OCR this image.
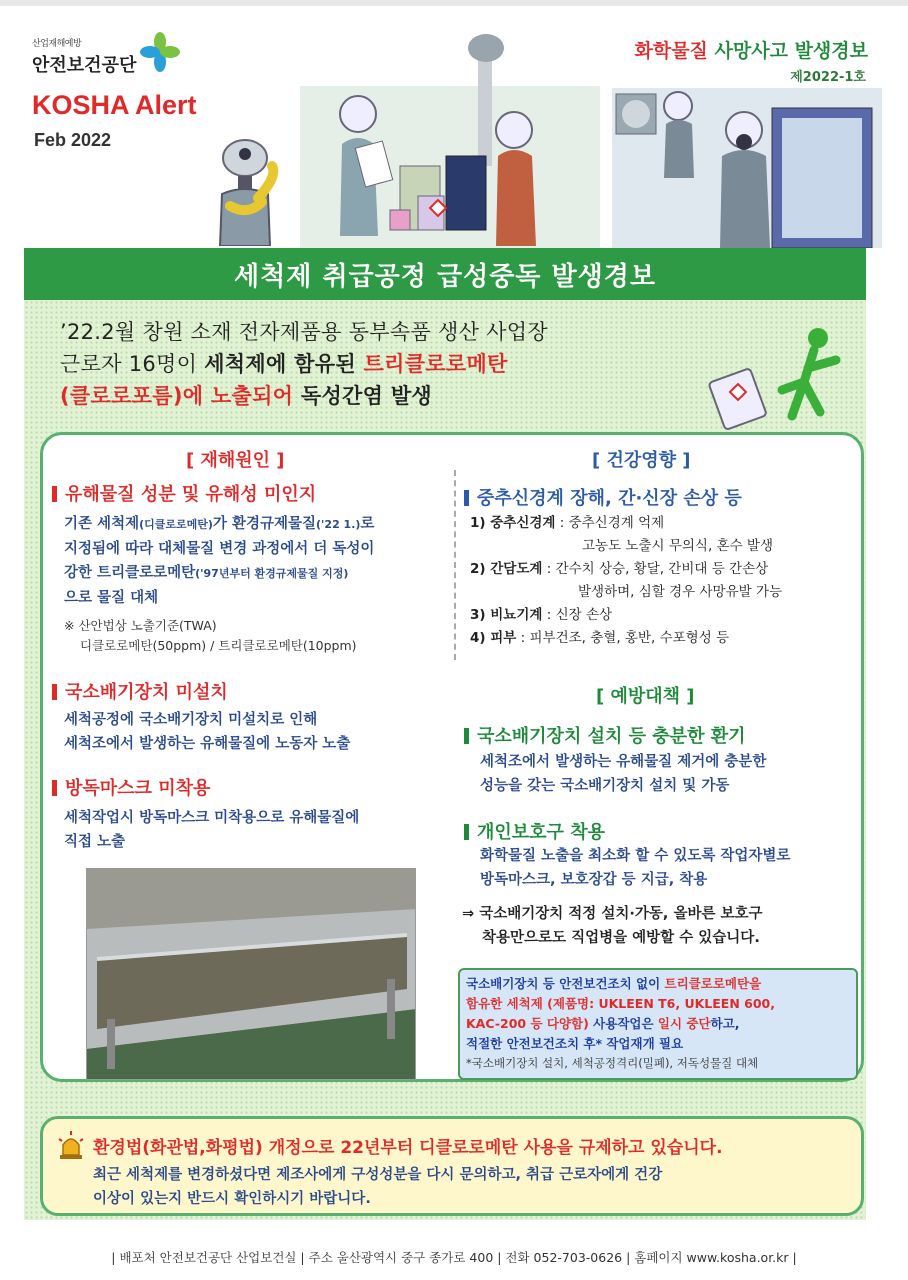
산업재해예방
안전보건공단
KOSHA Alert
Feb 2022
화학물질 사망사고 발생경보
제2022-1호
세척제 취급공정 급성중독 발생경보
’22.2월 창원 소재 전자제품용 동부속품 생산 사업장
근로자 16명이 세척제에 함유된 트리클로로메탄
(클로로포름)에 노출되어 독성간염 발생
[ 재해원인 ]
유해물질 성분 및 유해성 미인지
기존 세척제(디클로로메탄)가 환경규제물질('22 1.)로
지정됨에 따라 대체물질 변경 과정에서 더 독성이
강한 트리클로로메탄('97년부터 환경규제물질 지정)
으로 물질 대체
※ 산안법상 노출기준(TWA)
디클로로메탄(50ppm) / 트리클로로메탄(10ppm)
국소배기장치 미설치
세척공정에 국소배기장치 미설치로 인해
세척조에서 발생하는 유해물질에 노동자 노출
방독마스크 미착용
세척작업시 방독마스크 미착용으로 유해물질에
직접 노출
[ 건강영향 ]
중추신경계 장해, 간·신장 손상 등
1) 중추신경계 : 중추신경계 억제
고농도 노출시 무의식, 혼수 발생
2) 간담도계 : 간수치 상승, 황달, 간비대 등 간손상
발생하며, 심할 경우 사망유발 가능
3) 비뇨기계 : 신장 손상
4) 피부 : 피부건조, 충혈, 홍반, 수포형성 등
[ 예방대책 ]
국소배기장치 설치 등 충분한 환기
세척조에서 발생하는 유해물질 제거에 충분한
성능을 갖는 국소배기장치 설치 및 가동
개인보호구 착용
화학물질 노출을 최소화 할 수 있도록 작업자별로
방독마스크, 보호장갑 등 지급, 착용
⇒ 국소배기장치 적정 설치·가동, 올바른 보호구
착용만으로도 직업병을 예방할 수 있습니다.
국소배기장치 등 안전보건조치 없이 트리클로로메탄을
함유한 세척제 (제품명: UKLEEN T6, UKLEEN 600,
KAC-200 등 다양함) 사용작업은 일시 중단하고,
적절한 안전보건조치 후* 작업재개 필요
*국소배기장치 설치, 세척공정격리(밀폐), 저독성물질 대체
환경법(화관법,화평법) 개정으로 22년부터 디클로로메탄 사용을 규제하고 있습니다.
최근 세척제를 변경하셨다면 제조사에게 구성성분을 다시 문의하고, 취급 근로자에게 건강
이상이 있는지 반드시 확인하시기 바랍니다.
| 배포처 안전보건공단 산업보건실 | 주소 울산광역시 중구 종가로 400 | 전화 052-703-0626 | 홈페이지 www.kosha.or.kr |
